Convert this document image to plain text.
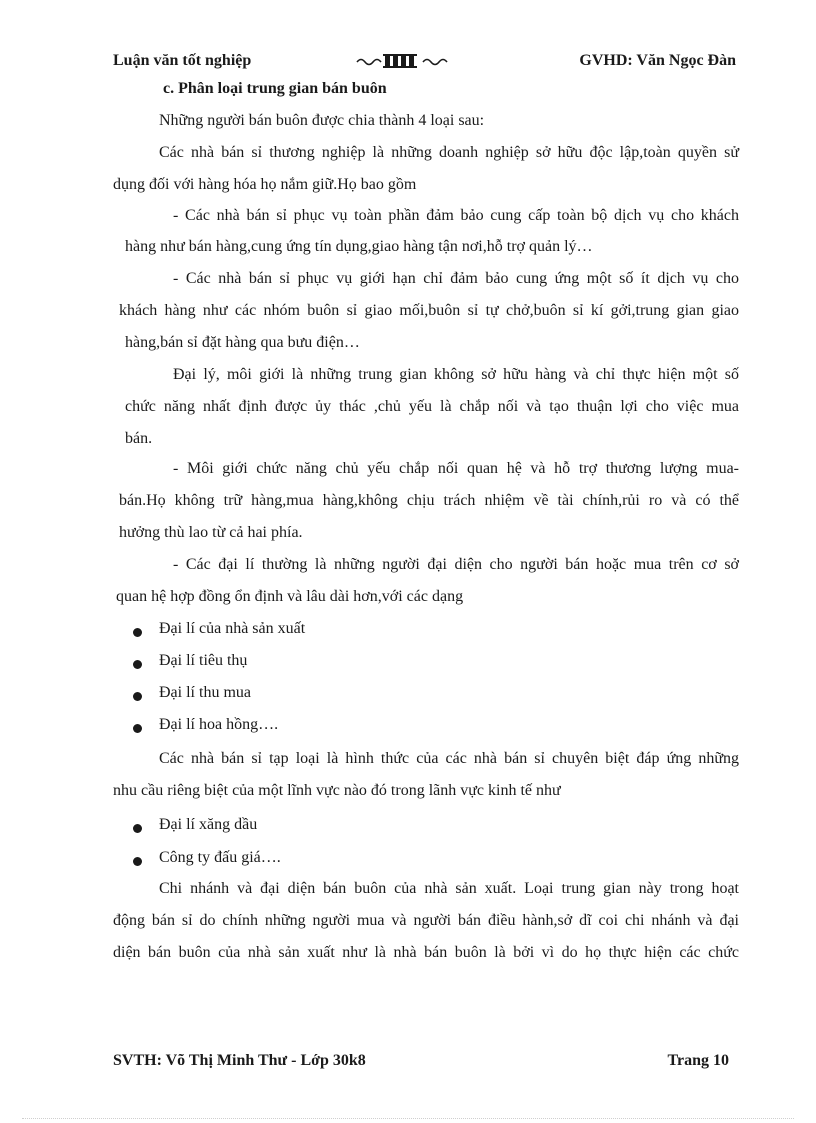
Luận văn tốt nghiệp	GVHD: Văn Ngọc Đàn
c. Phân loại trung gian bán buôn
Những người bán buôn được chia thành 4 loại sau:
Các nhà bán sỉ thương nghiệp là những doanh nghiệp sở hữu độc lập,toàn quyền sử
dụng đối với hàng hóa họ nắm giữ.Họ bao gồm
- Các nhà bán sỉ phục vụ toàn phần đảm bảo cung cấp toàn bộ dịch vụ cho khách
hàng như bán hàng,cung ứng tín dụng,giao hàng tận nơi,hỗ trợ quản lý…
- Các nhà bán sỉ phục vụ giới hạn chỉ đảm bảo cung ứng một số ít dịch vụ cho
khách hàng như các nhóm buôn sỉ giao mối,buôn sỉ tự chở,buôn sỉ kí gởi,trung gian giao
hàng,bán sỉ đặt hàng qua bưu điện…
Đại lý, môi giới là những trung gian không sở hữu hàng và chỉ thực hiện một số
chức năng nhất định được ủy thác ,chủ yếu là chắp nối và tạo thuận lợi cho việc mua
bán.
- Môi giới chức năng chủ yếu chắp nối quan hệ và hỗ trợ thương lượng mua-
bán.Họ không trữ hàng,mua hàng,không chịu trách nhiệm về tài chính,rủi ro và có thể
hưởng thù lao từ cả hai phía.
- Các đại lí thường là những người đại diện cho người bán hoặc mua trên cơ sở
quan hệ hợp đồng ổn định và lâu dài hơn,với các dạng
Đại lí của nhà sản xuất
Đại lí tiêu thụ
Đại lí thu mua
Đại lí hoa hồng….
Các nhà bán sỉ tạp loại là hình thức của các nhà bán sỉ chuyên biệt đáp ứng những
nhu cầu riêng biệt của một lĩnh vực nào đó trong lãnh vực kinh tế như
Đại lí xăng dầu
Công ty đấu giá….
Chi nhánh và đại diện bán buôn của nhà sản xuất. Loại trung gian này trong hoạt
động bán sỉ do chính những người mua và người bán điều hành,sở dĩ coi chi nhánh và đại
diện bán buôn của nhà sản xuất như là nhà bán buôn là bởi vì do họ thực hiện các chức
SVTH: Võ Thị Minh Thư - Lớp 30k8	Trang 10
